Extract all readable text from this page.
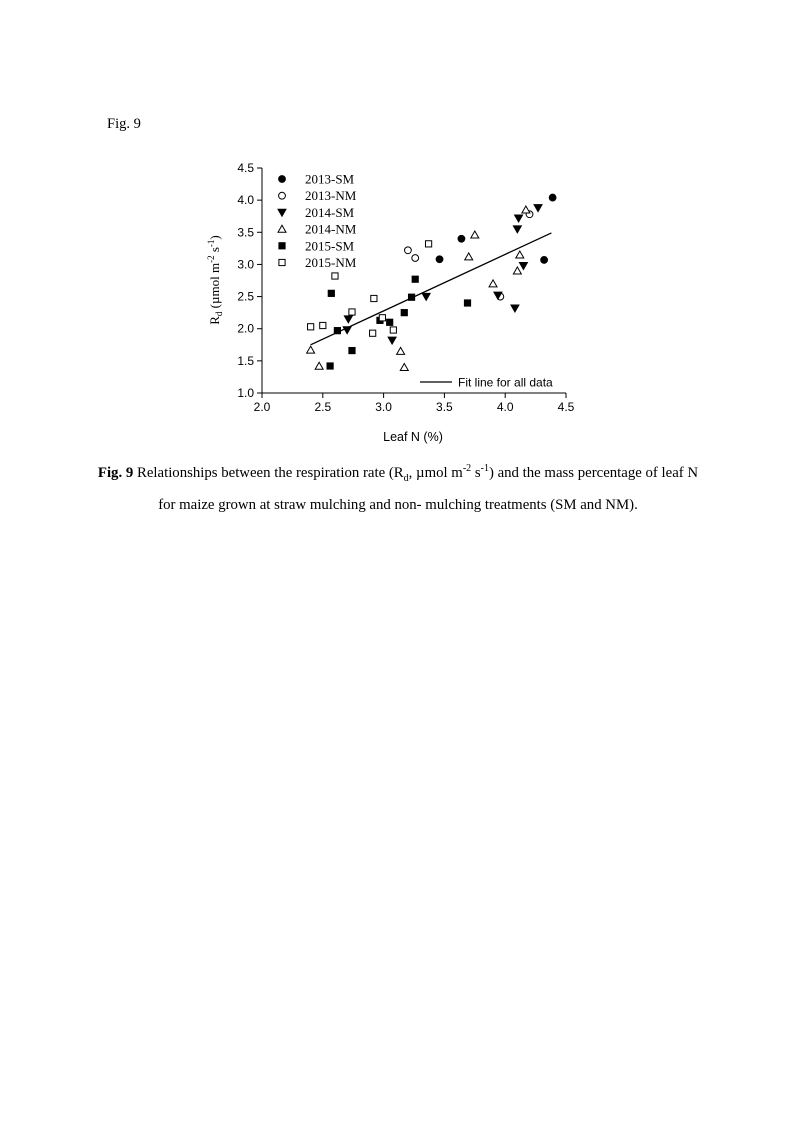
Fig. 9
2.0	2.5	3.0	3.5	4.0	4.5
1.0
1.5
2.0
2.5
3.0
3.5
4.0
4.5
2013-SM
2013-NM
2014-SM
2014-NM
2015-SM
2015-NM
Fit line for all data
Leaf N (%)
$R_d$ (µmol $m^{-2}$ $s^{-1}$)
Fig. 9 Relationships between the respiration rate ($R_d$, µmol $m^{-2}$ $s^{-1}$) and the mass percentage of leaf N for maize grown at straw mulching and non- mulching treatments (SM and NM).
